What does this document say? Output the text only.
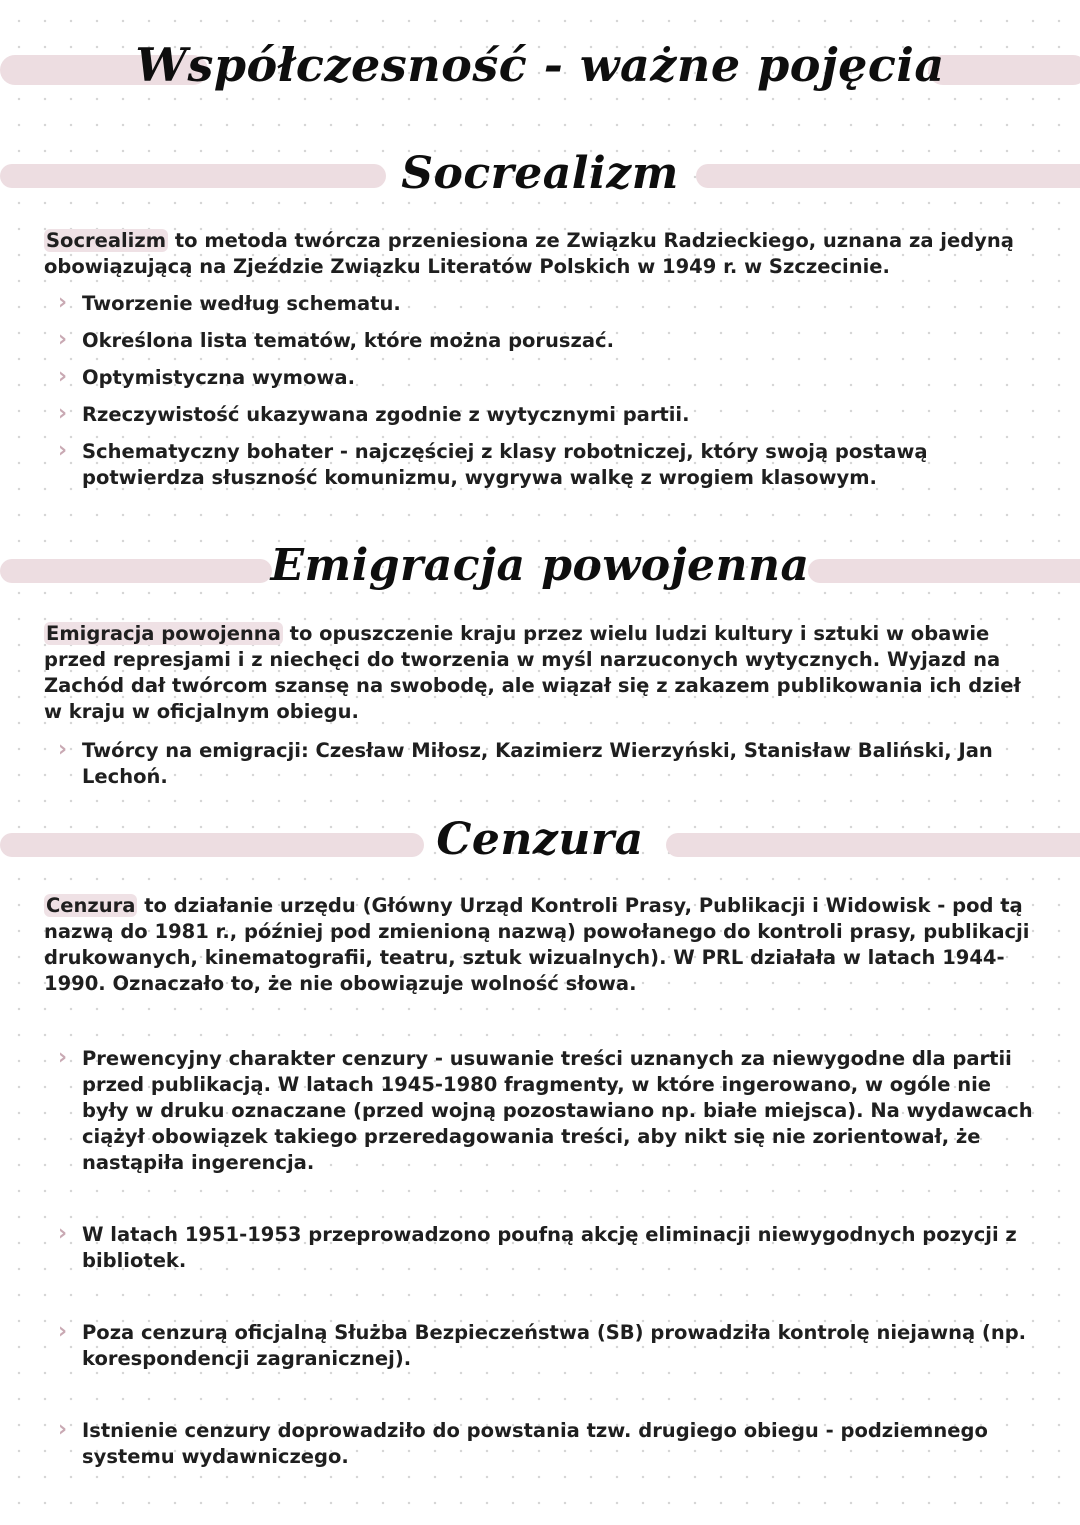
Współczesność - ważne pojęcia
Socrealizm

Socrealizm to metoda twórcza przeniesiona ze Związku Radzieckiego, uznana za jedyną obowiązującą na Zjeździe Związku Literatów Polskich w 1949 r. w Szczecinie.

› Tworzenie według schematu.
› Określona lista tematów, które można poruszać.
› Optymistyczna wymowa.
› Rzeczywistość ukazywana zgodnie z wytycznymi partii.
› Schematyczny bohater - najczęściej z klasy robotniczej, który swoją postawą potwierdza słuszność komunizmu, wygrywa walkę z wrogiem klasowym.
Emigracja powojenna

Emigracja powojenna to opuszczenie kraju przez wielu ludzi kultury i sztuki w obawie przed represjami i z niechęci do tworzenia w myśl narzuconych wytycznych. Wyjazd na Zachód dał twórcom szansę na swobodę, ale wiązał się z zakazem publikowania ich dzieł w kraju w oficjalnym obiegu.

› Twórcy na emigracji: Czesław Miłosz, Kazimierz Wierzyński, Stanisław Baliński, Jan Lechoń.
Cenzura

Cenzura to działanie urzędu (Główny Urząd Kontroli Prasy, Publikacji i Widowisk - pod tą nazwą do 1981 r., później pod zmienioną nazwą) powołanego do kontroli prasy, publikacji drukowanych, kinematografii, teatru, sztuk wizualnych). W PRL działała w latach 1944-1990. Oznaczało to, że nie obowiązuje wolność słowa.

› Prewencyjny charakter cenzury - usuwanie treści uznanych za niewygodne dla partii przed publikacją. W latach 1945-1980 fragmenty, w które ingerowano, w ogóle nie były w druku oznaczane (przed wojną pozostawiano np. białe miejsca). Na wydawcach ciążył obowiązek takiego przeredagowania treści, aby nikt się nie zorientował, że nastąpiła ingerencja.
› W latach 1951-1953 przeprowadzono poufną akcję eliminacji niewygodnych pozycji z bibliotek.
› Poza cenzurą oficjalną Służba Bezpieczeństwa (SB) prowadziła kontrolę niejawną (np. korespondencji zagranicznej).
› Istnienie cenzury doprowadziło do powstania tzw. drugiego obiegu - podziemnego systemu wydawniczego.
